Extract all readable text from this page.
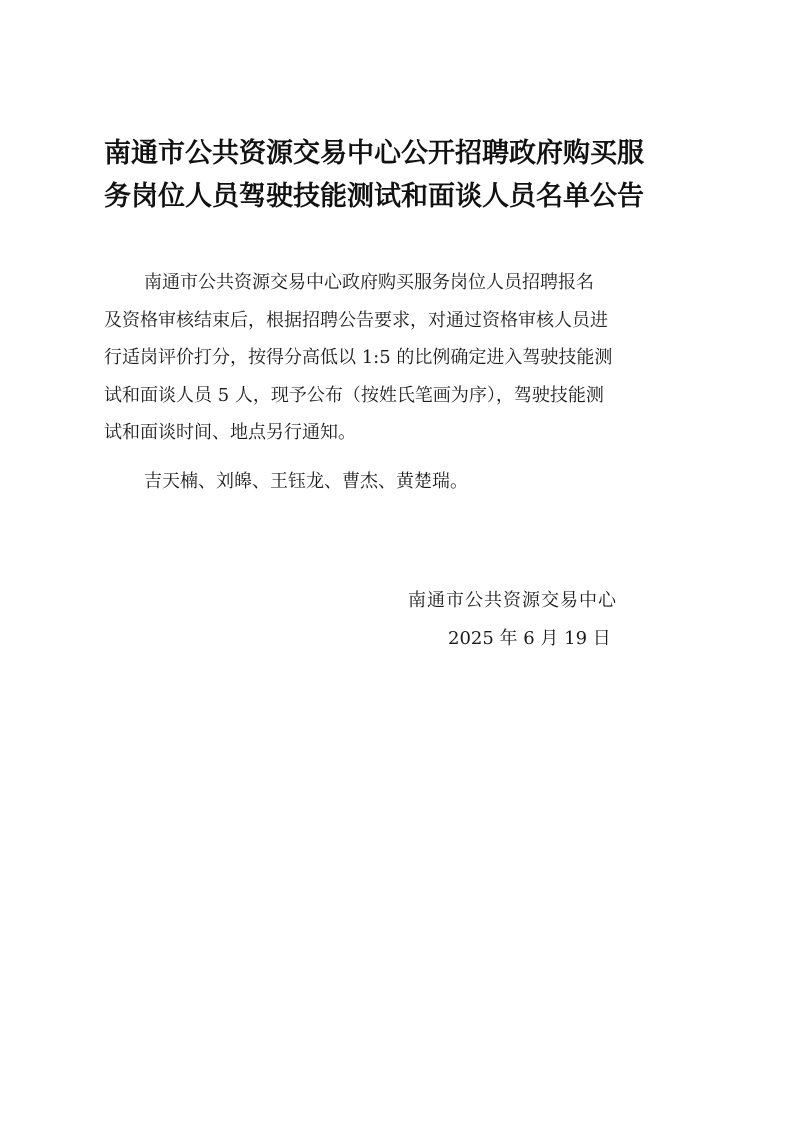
南通市公共资源交易中心公开招聘政府购买服
务岗位人员驾驶技能测试和面谈人员名单公告
南通市公共资源交易中心政府购买服务岗位人员招聘报名
及资格审核结束后，根据招聘公告要求，对通过资格审核人员进
行适岗评价打分，按得分高低以 1:5 的比例确定进入驾驶技能测
试和面谈人员 5 人，现予公布（按姓氏笔画为序），驾驶技能测
试和面谈时间、地点另行通知。
吉天楠、刘皞、王钰龙、曹杰、黄楚瑞。
南通市公共资源交易中心
2025 年 6 月 19 日
